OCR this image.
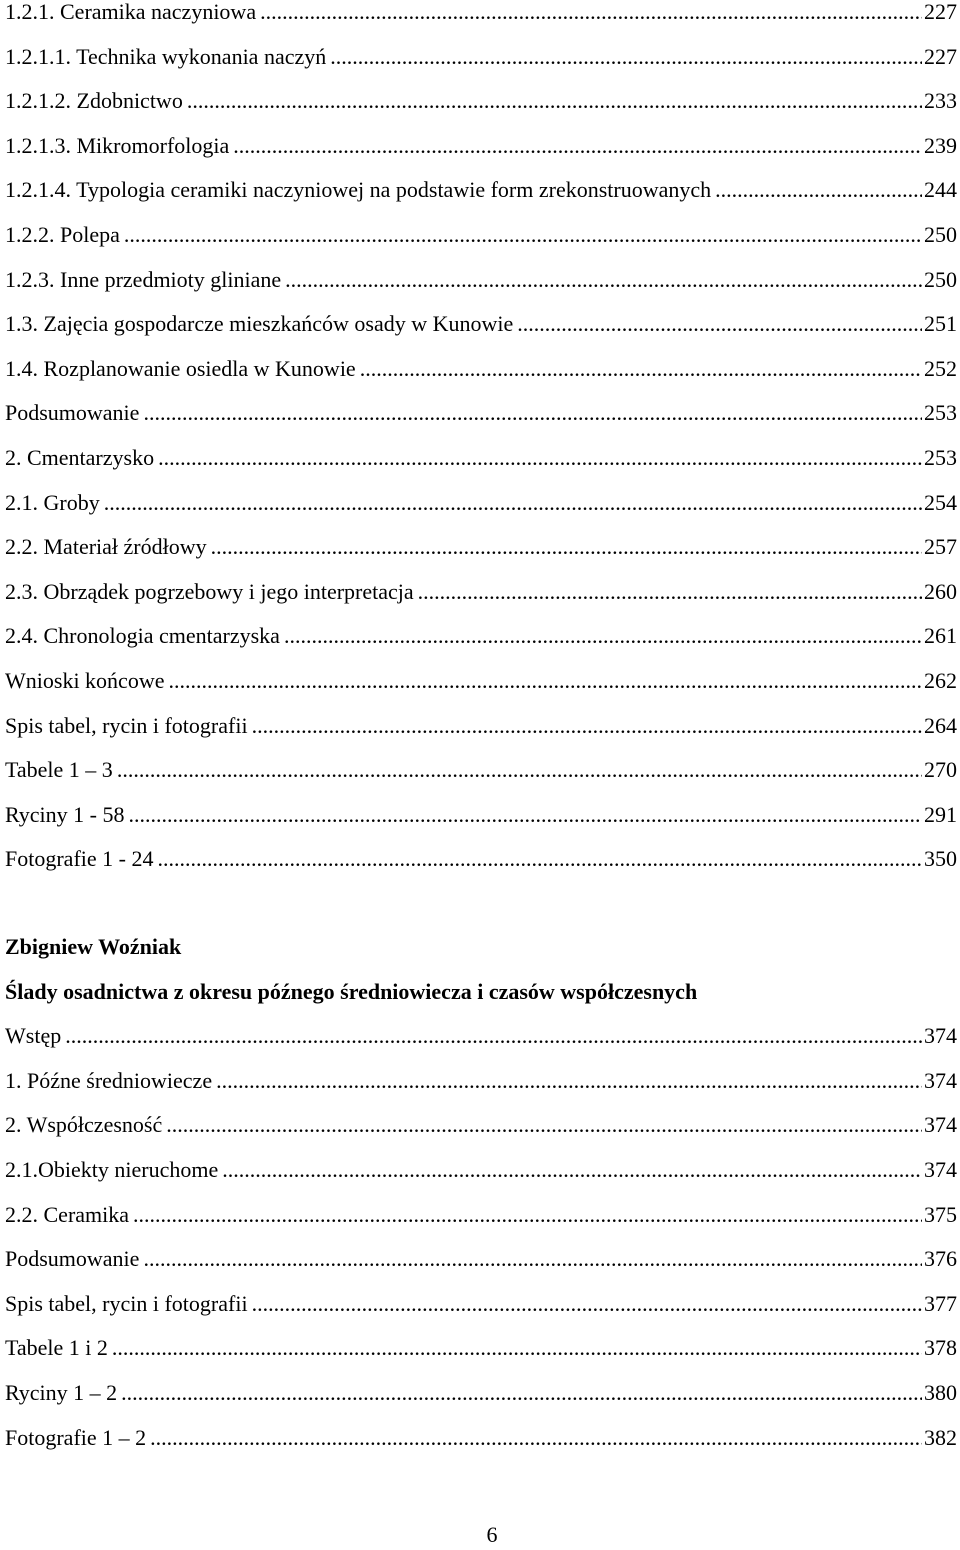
1.2.1. Ceramika naczyniowa .....	227
1.2.1.1. Technika wykonania naczyń .....	227
1.2.1.2. Zdobnictwo .....	233
1.2.1.3. Mikromorfologia .....	239
1.2.1.4. Typologia ceramiki naczyniowej na podstawie form zrekonstruowanych .....	244
1.2.2. Polepa .....	250
1.2.3. Inne przedmioty gliniane .....	250
1.3. Zajęcia gospodarcze mieszkańców osady w Kunowie .....	251
1.4. Rozplanowanie osiedla w Kunowie .....	252
Podsumowanie .....	253
2. Cmentarzysko .....	253
2.1. Groby .....	254
2.2. Materiał źródłowy .....	257
2.3. Obrządek pogrzebowy i jego interpretacja .....	260
2.4. Chronologia cmentarzyska .....	261
Wnioski końcowe .....	262
Spis tabel, rycin i fotografii .....	264
Tabele 1 – 3 .....	270
Ryciny 1 - 58 .....	291
Fotografie 1 - 24 .....	350
Zbigniew Woźniak
Ślady osadnictwa z okresu późnego średniowiecza i czasów współczesnych
Wstęp .....	374
1. Późne średniowiecze .....	374
2. Współczesność .....	374
2.1.Obiekty nieruchome .....	374
2.2. Ceramika .....	375
Podsumowanie .....	376
Spis tabel, rycin i fotografii .....	377
Tabele 1 i 2 .....	378
Ryciny 1 – 2 .....	380
Fotografie 1 – 2 .....	382
6
